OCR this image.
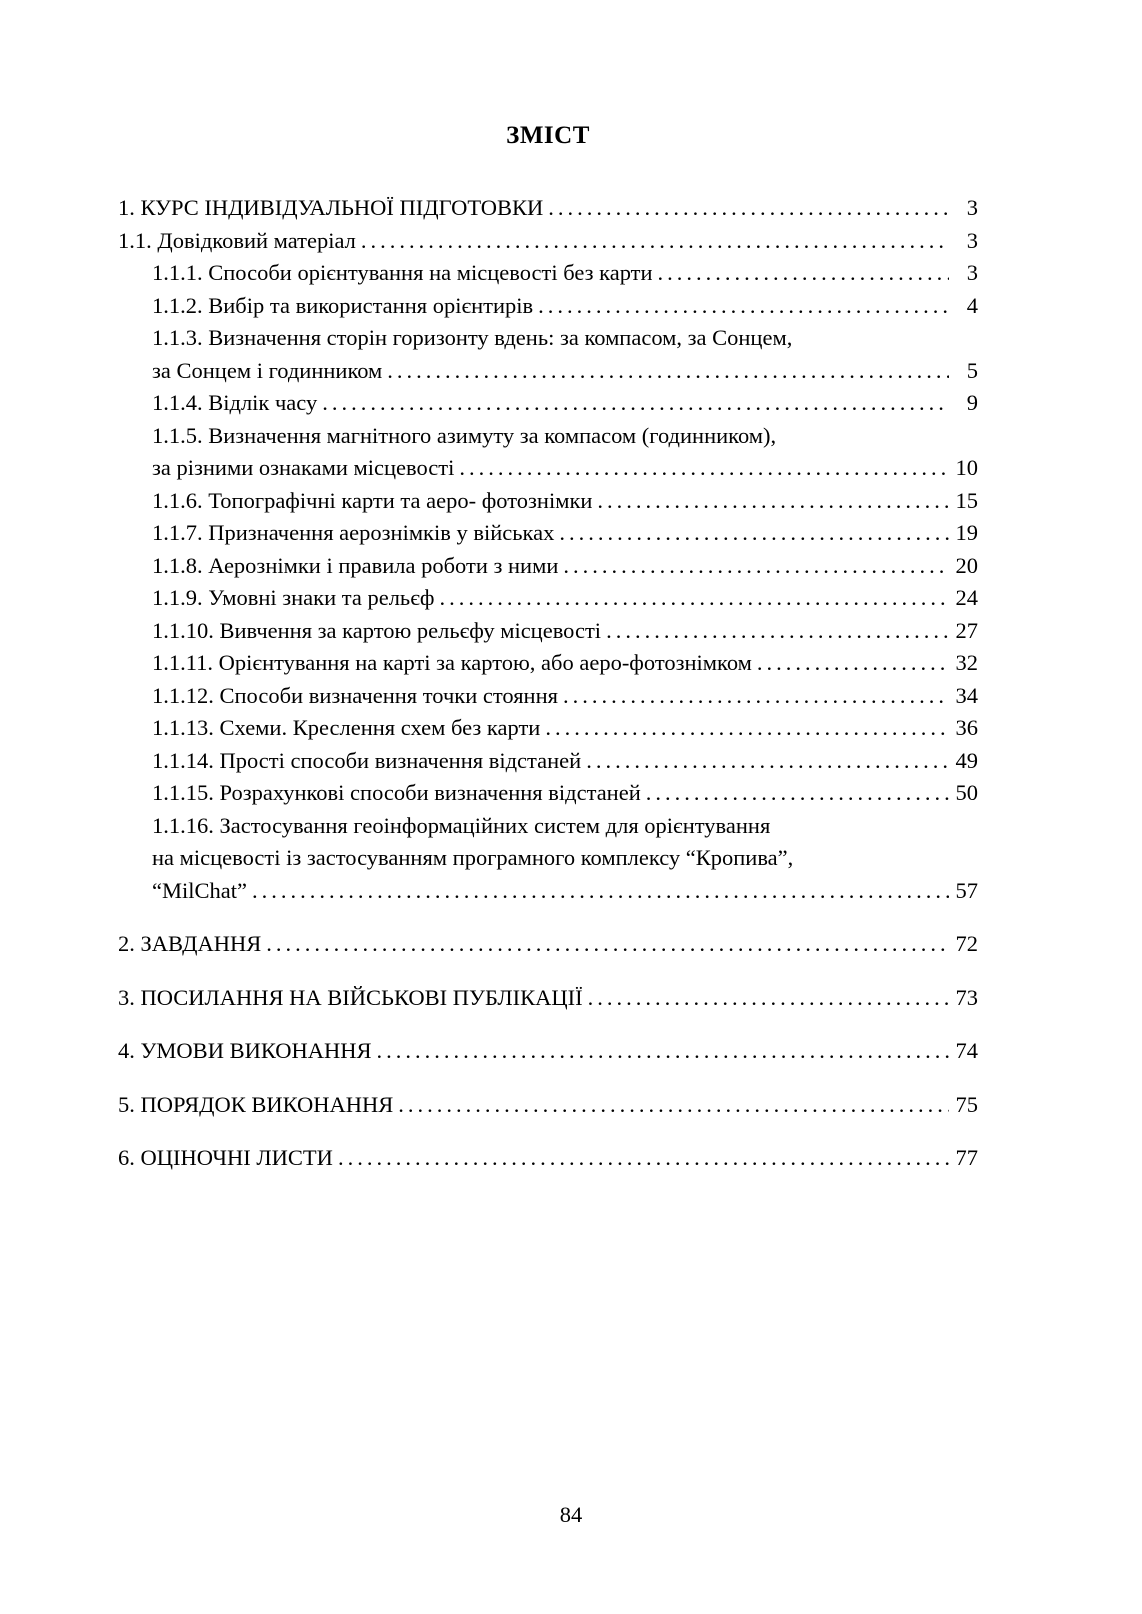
ЗМІСТ
1. КУРС ІНДИВІДУАЛЬНОЇ ПІДГОТОВКИ .....	3
1.1. Довідковий матеріал .....	3
1.1.1. Способи орієнтування на місцевості без карти .....	3
1.1.2. Вибір та використання орієнтирів .....	4
1.1.3. Визначення сторін горизонту вдень: за компасом, за Сонцем,
за Сонцем і годинником .....	5
1.1.4. Відлік часу .....	9
1.1.5. Визначення магнітного азимуту за компасом (годинником),
за різними ознаками місцевості .....	10
1.1.6. Топографічні карти та аеро- фотознімки .....	15
1.1.7. Призначення аерознімків у військах .....	19
1.1.8. Аерознімки і правила роботи з ними .....	20
1.1.9. Умовні знаки та рельєф .....	24
1.1.10. Вивчення за картою рельєфу місцевості .....	27
1.1.11. Орієнтування на карті за картою, або аеро-фотознімком .....	32
1.1.12. Способи визначення точки стояння .....	34
1.1.13. Схеми. Креслення схем без карти .....	36
1.1.14. Прості способи визначення відстаней .....	49
1.1.15. Розрахункові способи визначення відстаней .....	50
1.1.16. Застосування геоінформаційних систем для орієнтування
на місцевості із застосуванням програмного комплексу “Кропива”,
“MilChat” .....	57
2. ЗАВДАННЯ .....	72
3. ПОСИЛАННЯ НА ВІЙСЬКОВІ ПУБЛІКАЦІЇ .....	73
4. УМОВИ ВИКОНАННЯ .....	74
5. ПОРЯДОК ВИКОНАННЯ .....	75
6. ОЦІНОЧНІ ЛИСТИ .....	77
84
